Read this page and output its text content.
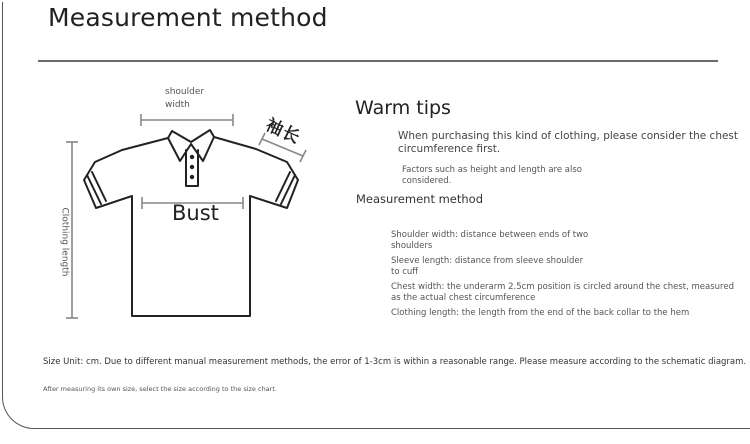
Measurement method
shoulder width
袖长
Bust
Clothing length
Warm tips
When purchasing this kind of clothing, please consider the chest circumference first.
Factors such as height and length are also considered.
Measurement method
Shoulder width: distance between ends of two shoulders
Sleeve length: distance from sleeve shoulder to cuff
Chest width: the underarm 2.5cm position is circled around the chest, measured as the actual chest circumference
Clothing length: the length from the end of the back collar to the hem
Size Unit: cm. Due to different manual measurement methods, the error of 1-3cm is within a reasonable range. Please measure according to the schematic diagram.
After measuring its own size, select the size according to the size chart.
